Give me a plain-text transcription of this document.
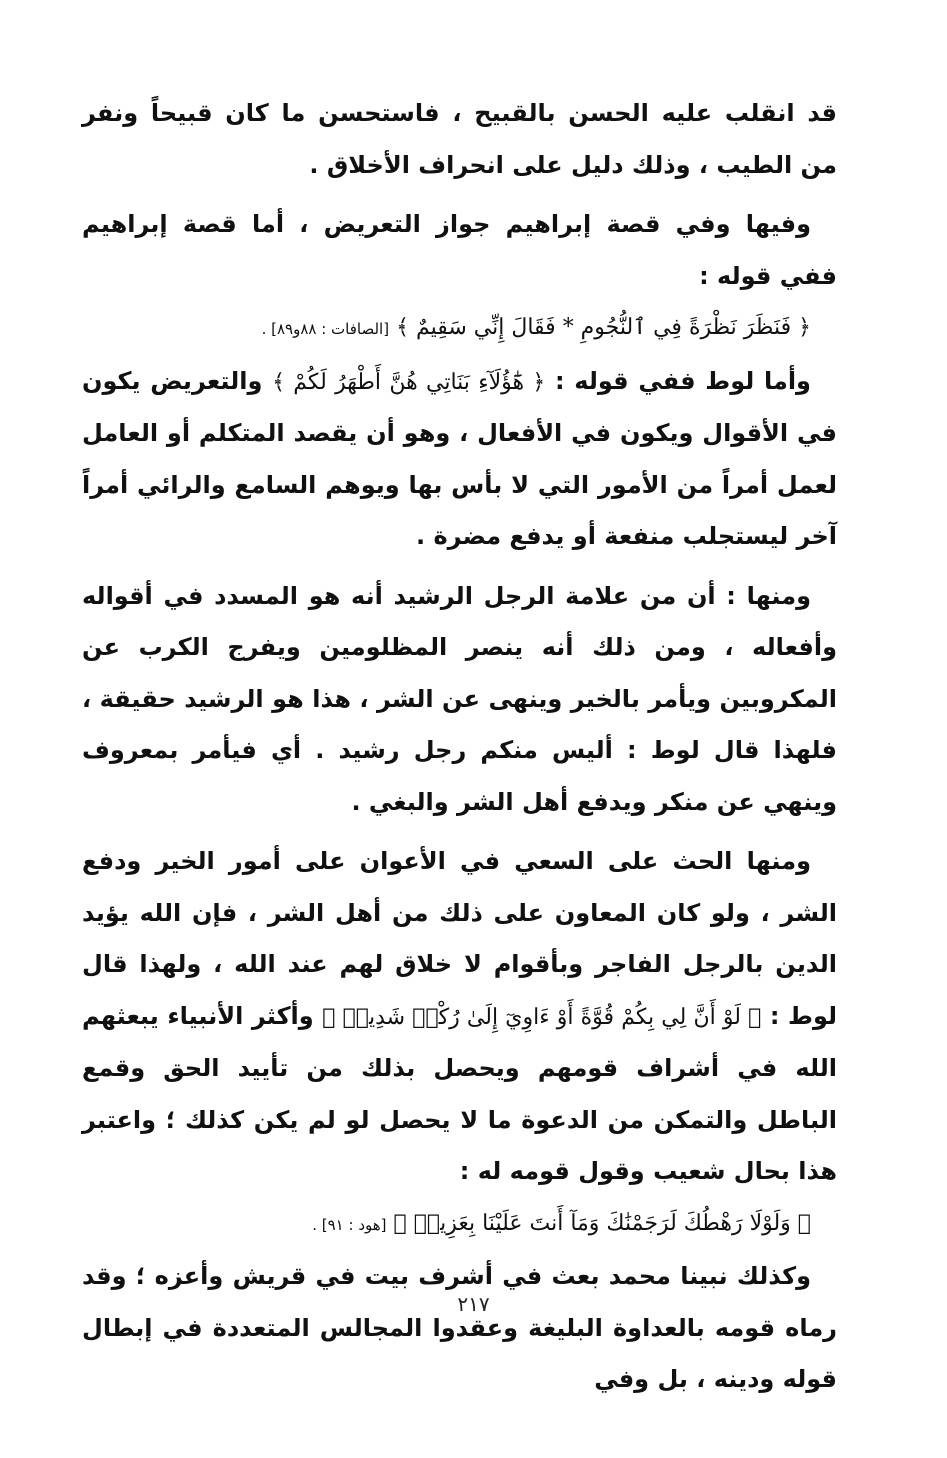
قد انقلب عليه الحسن بالقبيح ، فاستحسن ما كان قبيحاً ونفر من الطيب ، وذلك دليل على انحراف الأخلاق .

وفيها وفي قصة إبراهيم جواز التعريض ، أما قصة إبراهيم ففي قوله :

﴿ فَنَظَرَ نَظْرَةً فِي ٱلنُّجُومِ * فَقَالَ إِنِّي سَقِيمٌ ﴾ [الصافات : ٨٨و٨٩] .

وأما لوط ففي قوله : ﴿ هَٰٓؤُلَآءِ بَنَاتِي هُنَّ أَطْهَرُ لَكُمْ ﴾ والتعريض يكون في الأقوال ويكون في الأفعال ، وهو أن يقصد المتكلم أو العامل لعمل أمراً من الأمور التي لا بأس بها ويوهم السامع والرائي أمراً آخر ليستجلب منفعة أو يدفع مضرة .

ومنها : أن من علامة الرجل الرشيد أنه هو المسدد في أقواله وأفعاله ، ومن ذلك أنه ينصر المظلومين ويفرج الكرب عن المكروبين ويأمر بالخير وينهى عن الشر ، هذا هو الرشيد حقيقة ، فلهذا قال لوط : أليس منكم رجل رشيد . أي فيأمر بمعروف وينهي عن منكر ويدفع أهل الشر والبغي .

ومنها الحث على السعي في الأعوان على أمور الخير ودفع الشر ، ولو كان المعاون على ذلك من أهل الشر ، فإن الله يؤيد الدين بالرجل الفاجر وبأقوام لا خلاق لهم عند الله ، ولهذا قال لوط : ﴿ لَوْ أَنَّ لِي بِكُمْ قُوَّةً أَوْ ءَاوِيٓ إِلَىٰ رُكْنٖ شَدِيدٖ ﴾ وأكثر الأنبياء يبعثهم الله في أشراف قومهم ويحصل بذلك من تأييد الحق وقمع الباطل والتمكن من الدعوة ما لا يحصل لو لم يكن كذلك ؛ واعتبر هذا بحال شعيب وقول قومه له :

﴿ وَلَوْلَا رَهْطُكَ لَرَجَمْنَٰكَ وَمَآ أَنتَ عَلَيْنَا بِعَزِيزٖ ﴾ [هود : ٩١] .

وكذلك نبينا محمد بعث في أشرف بيت في قريش وأعزه ؛ وقد رماه قومه بالعداوة البليغة وعقدوا المجالس المتعددة في إبطال قوله ودينه ، بل وفي

٢١٧
